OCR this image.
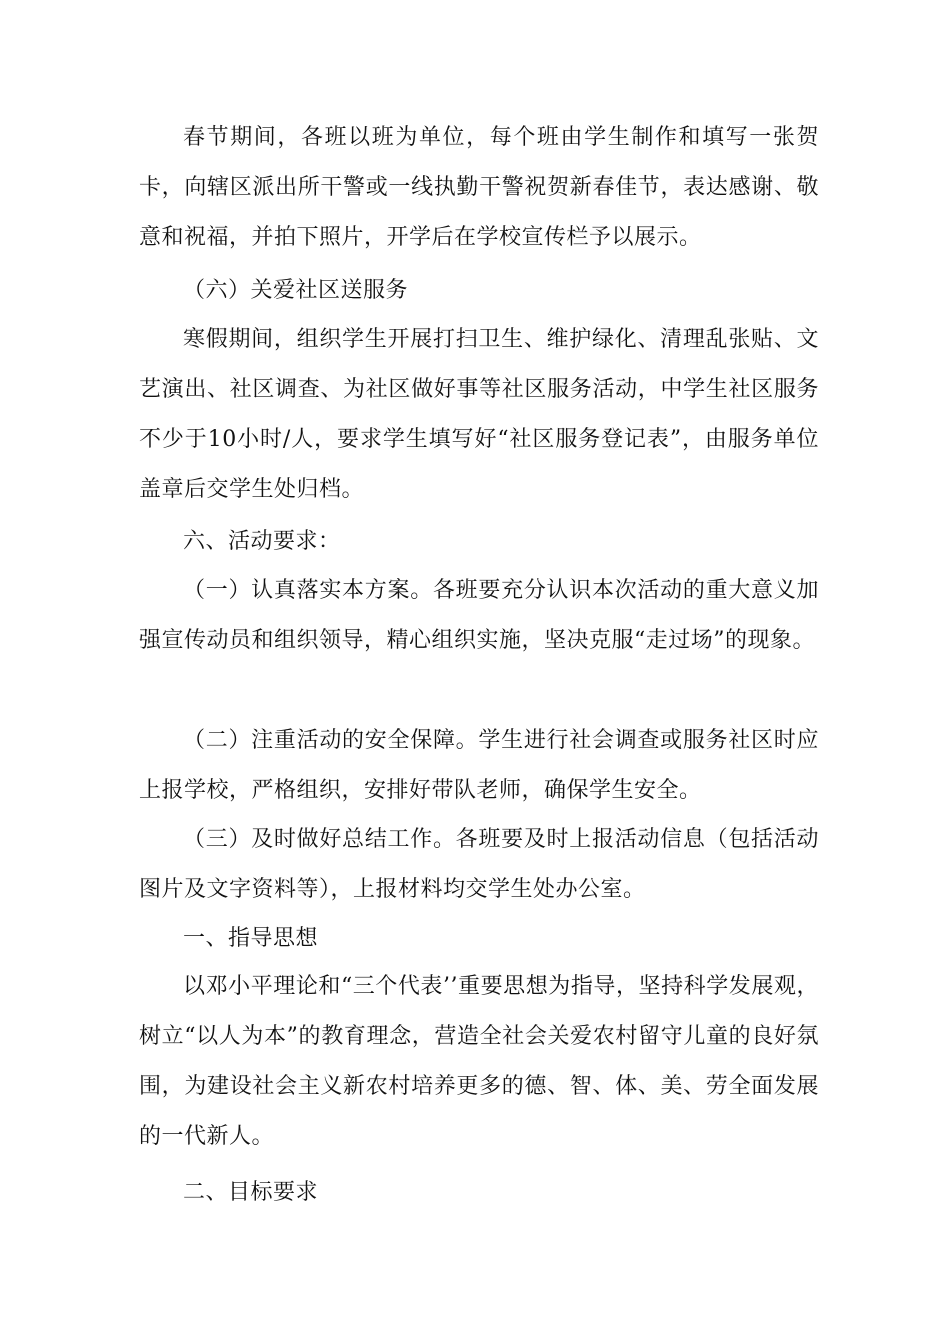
春节期间，各班以班为单位，每个班由学生制作和填写一张贺卡，向辖区派出所干警或一线执勤干警祝贺新春佳节，表达感谢、敬意和祝福，并拍下照片，开学后在学校宣传栏予以展示。

（六）关爱社区送服务

寒假期间，组织学生开展打扫卫生、维护绿化、清理乱张贴、文艺演出、社区调查、为社区做好事等社区服务活动，中学生社区服务不少于10小时/人，要求学生填写好“社区服务登记表”，由服务单位盖章后交学生处归档。

六、活动要求：

（一）认真落实本方案。各班要充分认识本次活动的重大意义加强宣传动员和组织领导，精心组织实施，坚决克服“走过场”的现象。

（二）注重活动的安全保障。学生进行社会调查或服务社区时应上报学校，严格组织，安排好带队老师，确保学生安全。

（三）及时做好总结工作。各班要及时上报活动信息（包括活动图片及文字资料等），上报材料均交学生处办公室。

一、指导思想

以邓小平理论和“三个代表’’重要思想为指导，坚持科学发展观，树立“以人为本”的教育理念，营造全社会关爱农村留守儿童的良好氛围，为建设社会主义新农村培养更多的德、智、体、美、劳全面发展的一代新人。

二、目标要求
